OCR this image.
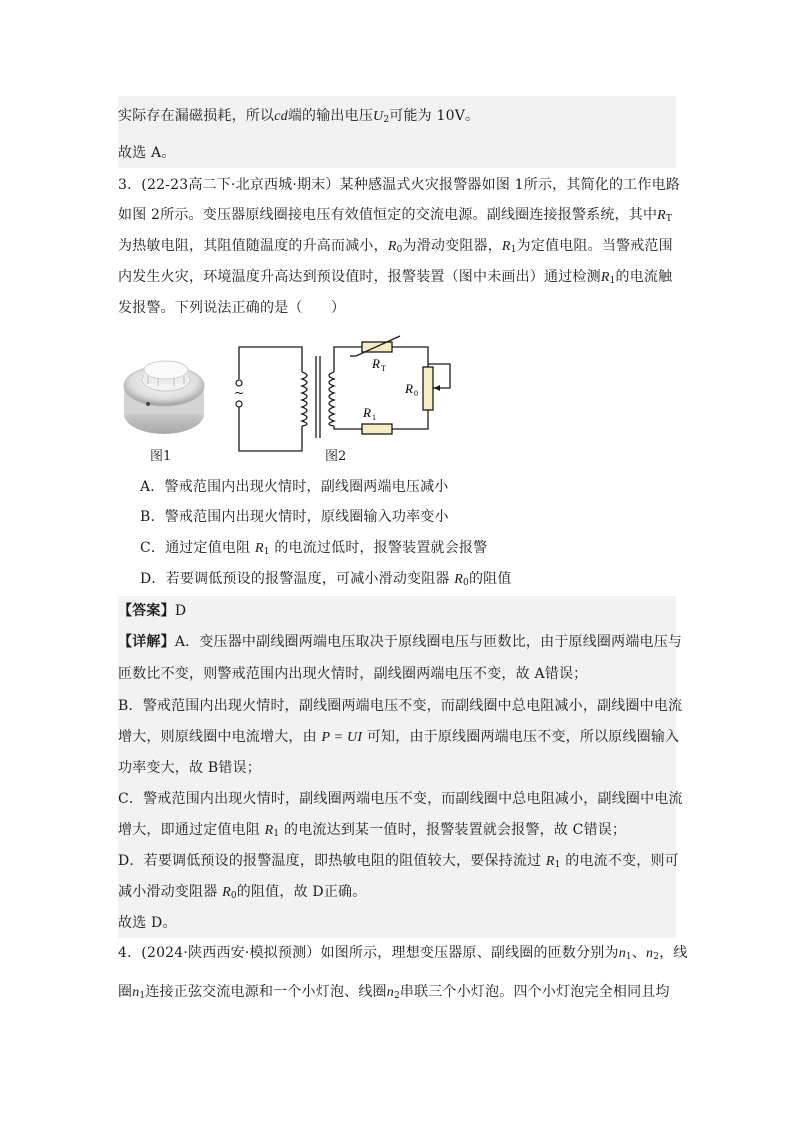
实际存在漏磁损耗，所以cd端的输出电压$U_2$可能为 10V。
故选 A。
3．(22-23高二下·北京西城·期末）某种感温式火灾报警器如图 1所示，其简化的工作电路
如图 2所示。变压器原线圈接电压有效值恒定的交流电源。副线圈连接报警系统，其中$R_T$
为热敏电阻，其阻值随温度的升高而减小，$R_0$为滑动变阻器，$R_1$为定值电阻。当警戒范围
内发生火灾，环境温度升高达到预设值时，报警装置（图中未画出）通过检测$R_1$的电流触
发报警。下列说法正确的是（　　）
~
R T
R 0
R 1
图1	图2
A．警戒范围内出现火情时，副线圈两端电压减小
B．警戒范围内出现火情时，原线圈输入功率变小
C．通过定值电阻 $R_1$ 的电流过低时，报警装置就会报警
D．若要调低预设的报警温度，可减小滑动变阻器 $R_0$的阻值
【答案】D
【详解】A．变压器中副线圈两端电压取决于原线圈电压与匝数比，由于原线圈两端电压与
匝数比不变，则警戒范围内出现火情时，副线圈两端电压不变，故 A错误；
B．警戒范围内出现火情时，副线圈两端电压不变，而副线圈中总电阻减小，副线圈中电流
增大，则原线圈中电流增大，由 P = UI 可知，由于原线圈两端电压不变，所以原线圈输入
功率变大，故 B错误；
C．警戒范围内出现火情时，副线圈两端电压不变，而副线圈中总电阻减小，副线圈中电流
增大，即通过定值电阻 $R_1$ 的电流达到某一值时，报警装置就会报警，故 C错误；
D．若要调低预设的报警温度，即热敏电阻的阻值较大，要保持流过 $R_1$ 的电流不变，则可
减小滑动变阻器 $R_0$的阻值，故 D正确。
故选 D。
4．(2024·陕西西安·模拟预测）如图所示，理想变压器原、副线圈的匝数分别为$n_1$、$n_2$，线
圈$n_1$连接正弦交流电源和一个小灯泡、线圈$n_2$串联三个小灯泡。四个小灯泡完全相同且均
